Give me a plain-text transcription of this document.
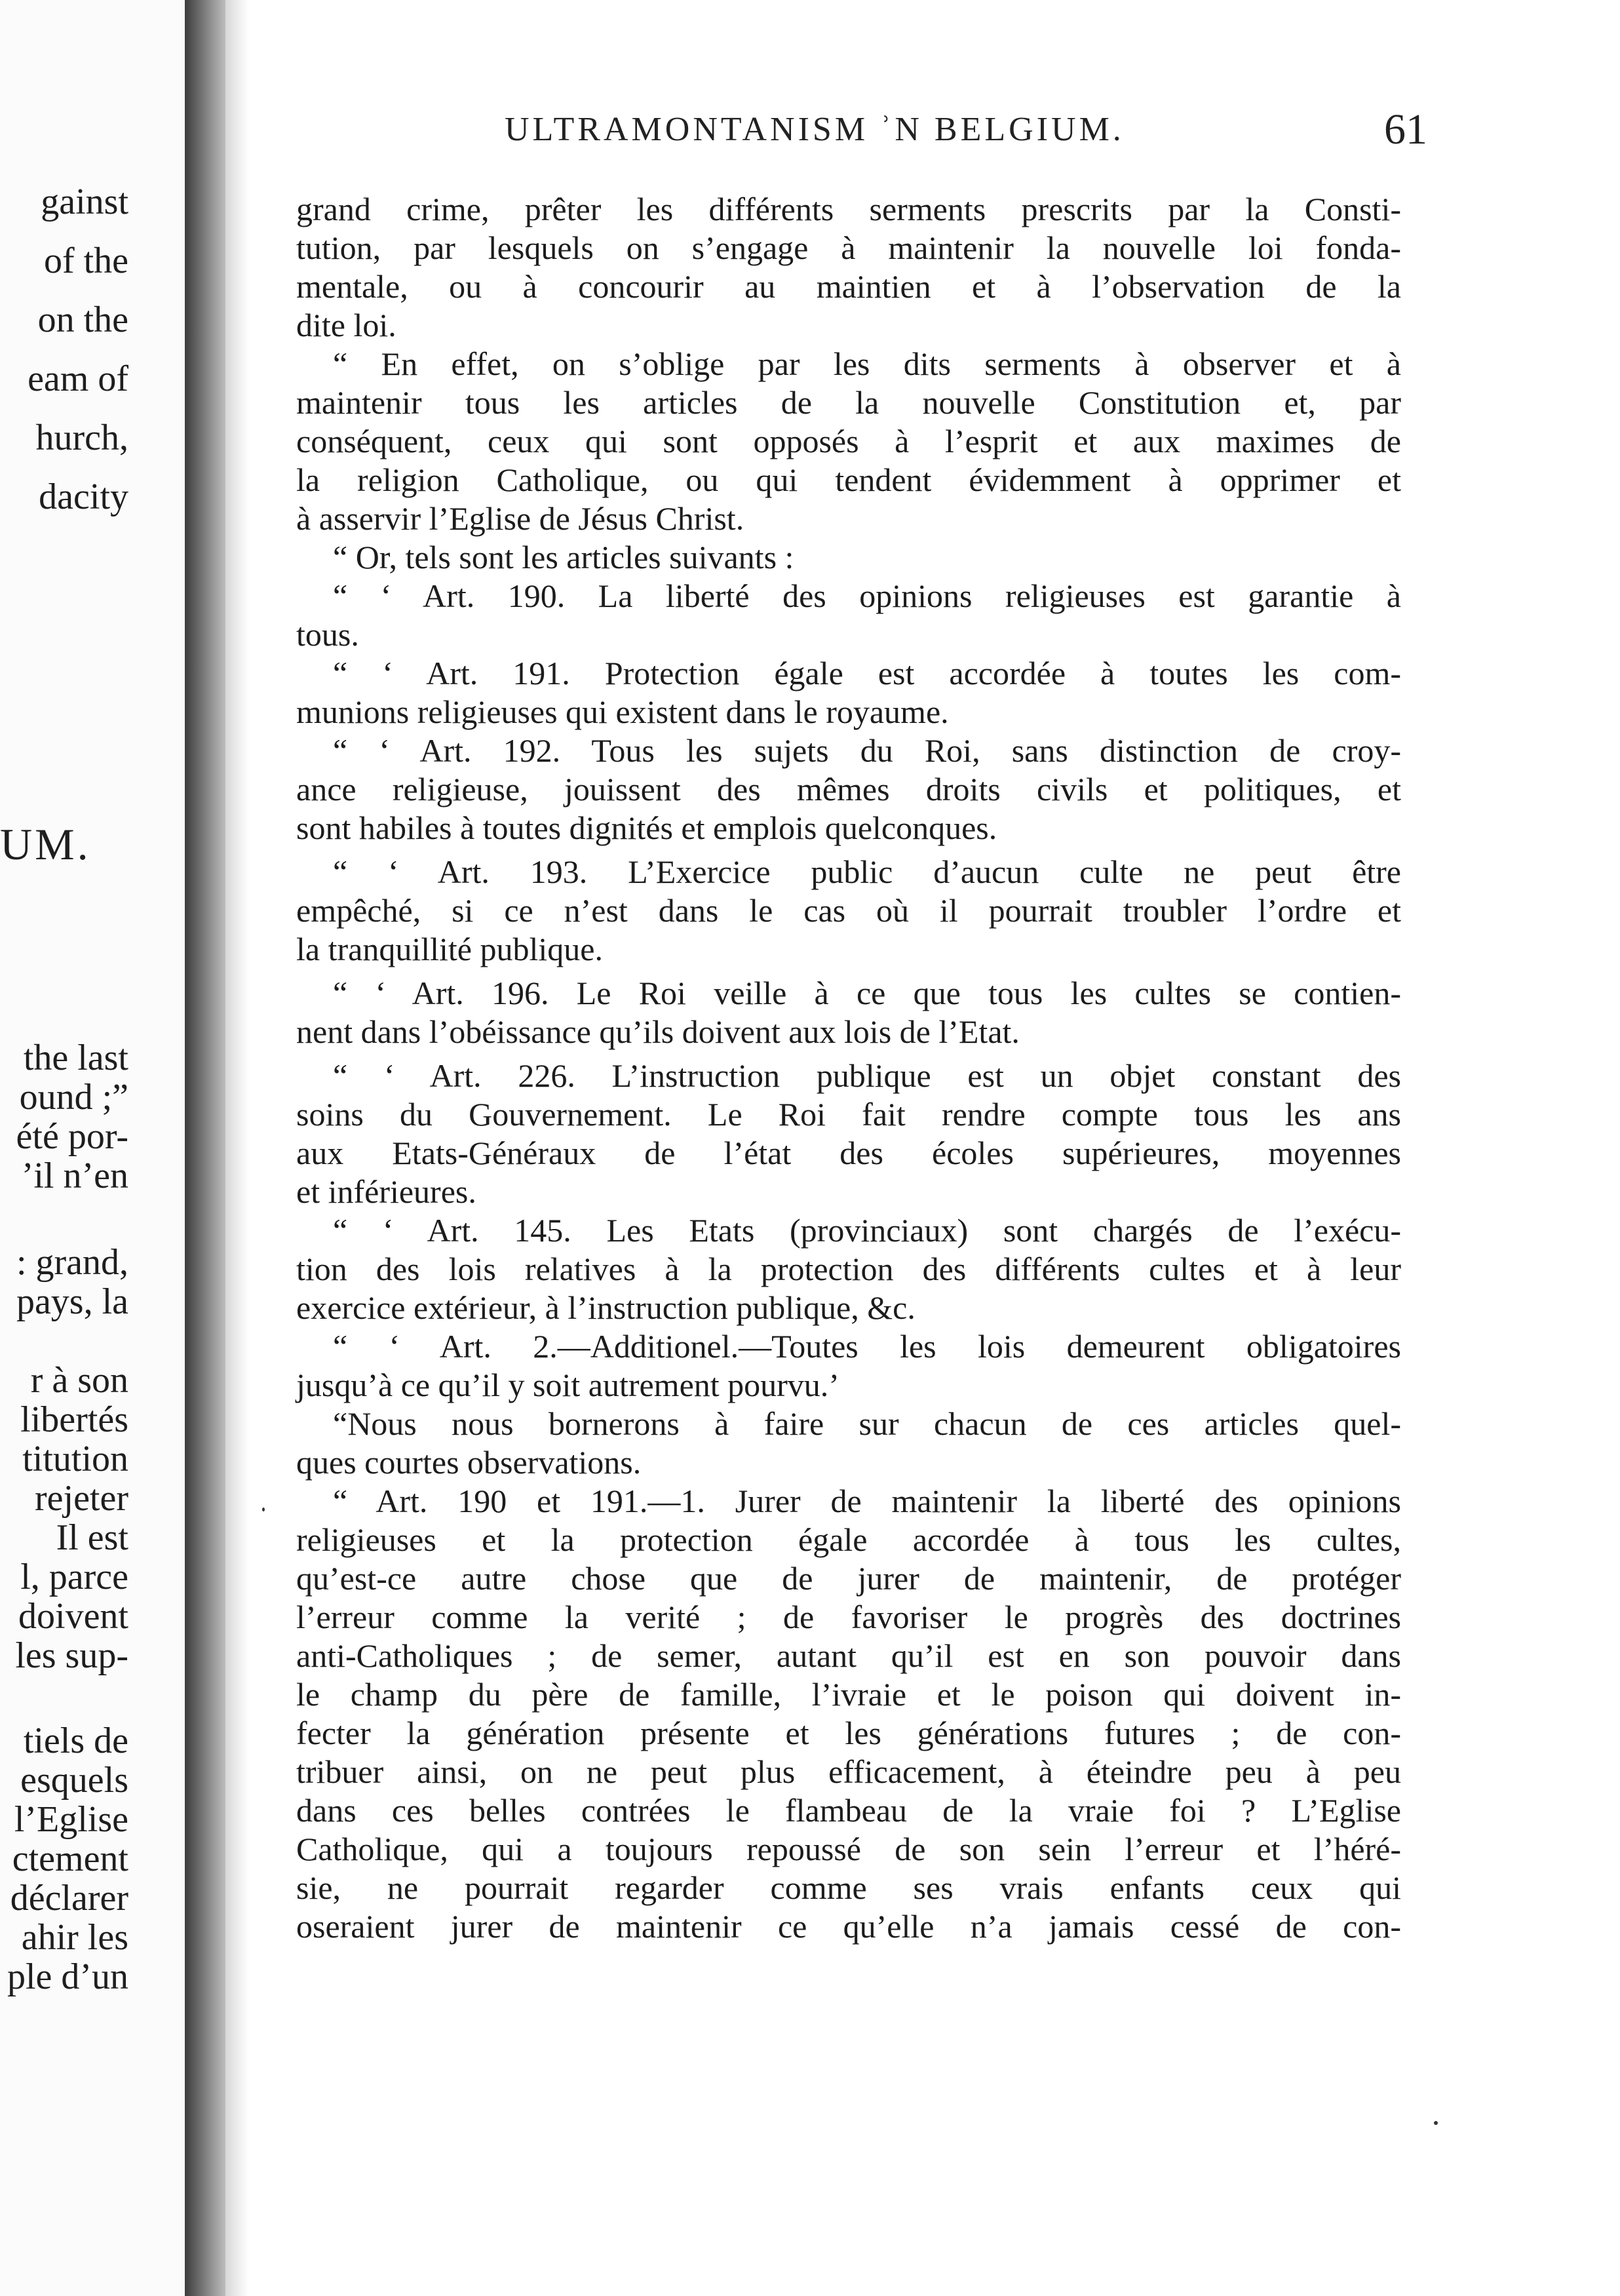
gainst
of the
on the
eam of
hurch,
dacity
UM.
the last
ound ;”
été por-
’il n’en
: grand,
pays, la
r à son
libertés
titution
rejeter
Il est
l, parce
doivent
les sup-
tiels de
esquels
l’Eglise
ctement
déclarer
ahir les
ple d’un
ULTRAMONTANISM ʾN BELGIUM.	61
grand crime, prêter les différents serments prescrits par la Consti-
tution, par lesquels on s’engage à maintenir la nouvelle loi fonda-
mentale, ou à concourir au maintien et à l’observation de la
dite loi.
“ En effet, on s’oblige par les dits serments à observer et à
maintenir tous les articles de la nouvelle Constitution et, par
conséquent, ceux qui sont opposés à l’esprit et aux maximes de
la religion Catholique, ou qui tendent évidemment à opprimer et
à asservir l’Eglise de Jésus Christ.
“ Or, tels sont les articles suivants :
“ ‘ Art. 190. La liberté des opinions religieuses est garantie à
tous.
“ ‘ Art. 191. Protection égale est accordée à toutes les com-
munions religieuses qui existent dans le royaume.
“ ‘ Art. 192. Tous les sujets du Roi, sans distinction de croy-
ance religieuse, jouissent des mêmes droits civils et politiques, et
sont habiles à toutes dignités et emplois quelconques.
“ ‘ Art. 193. L’Exercice public d’aucun culte ne peut être
empêché, si ce n’est dans le cas où il pourrait troubler l’ordre et
la tranquillité publique.
“ ‘ Art. 196. Le Roi veille à ce que tous les cultes se contien-
nent dans l’obéissance qu’ils doivent aux lois de l’Etat.
“ ‘ Art. 226. L’instruction publique est un objet constant des
soins du Gouvernement. Le Roi fait rendre compte tous les ans
aux Etats-Généraux de l’état des écoles supérieures, moyennes
et inférieures.
“ ‘ Art. 145. Les Etats (provinciaux) sont chargés de l’exécu-
tion des lois relatives à la protection des différents cultes et à leur
exercice extérieur, à l’instruction publique, &c.
“ ‘ Art. 2.—Additionel.—Toutes les lois demeurent obligatoires
jusqu’à ce qu’il y soit autrement pourvu.’
“Nous nous bornerons à faire sur chacun de ces articles quel-
ques courtes observations.
“ Art. 190 et 191.—1. Jurer de maintenir la liberté des opinions
religieuses et la protection égale accordée à tous les cultes,
qu’est-ce autre chose que de jurer de maintenir, de protéger
l’erreur comme la verité ; de favoriser le progrès des doctrines
anti-Catholiques ; de semer, autant qu’il est en son pouvoir dans
le champ du père de famille, l’ivraie et le poison qui doivent in-
fecter la génération présente et les générations futures ; de con-
tribuer ainsi, on ne peut plus efficacement, à éteindre peu à peu
dans ces belles contrées le flambeau de la vraie foi ? L’Eglise
Catholique, qui a toujours repoussé de son sein l’erreur et l’héré-
sie, ne pourrait regarder comme ses vrais enfants ceux qui
oseraient jurer de maintenir ce qu’elle n’a jamais cessé de con-
